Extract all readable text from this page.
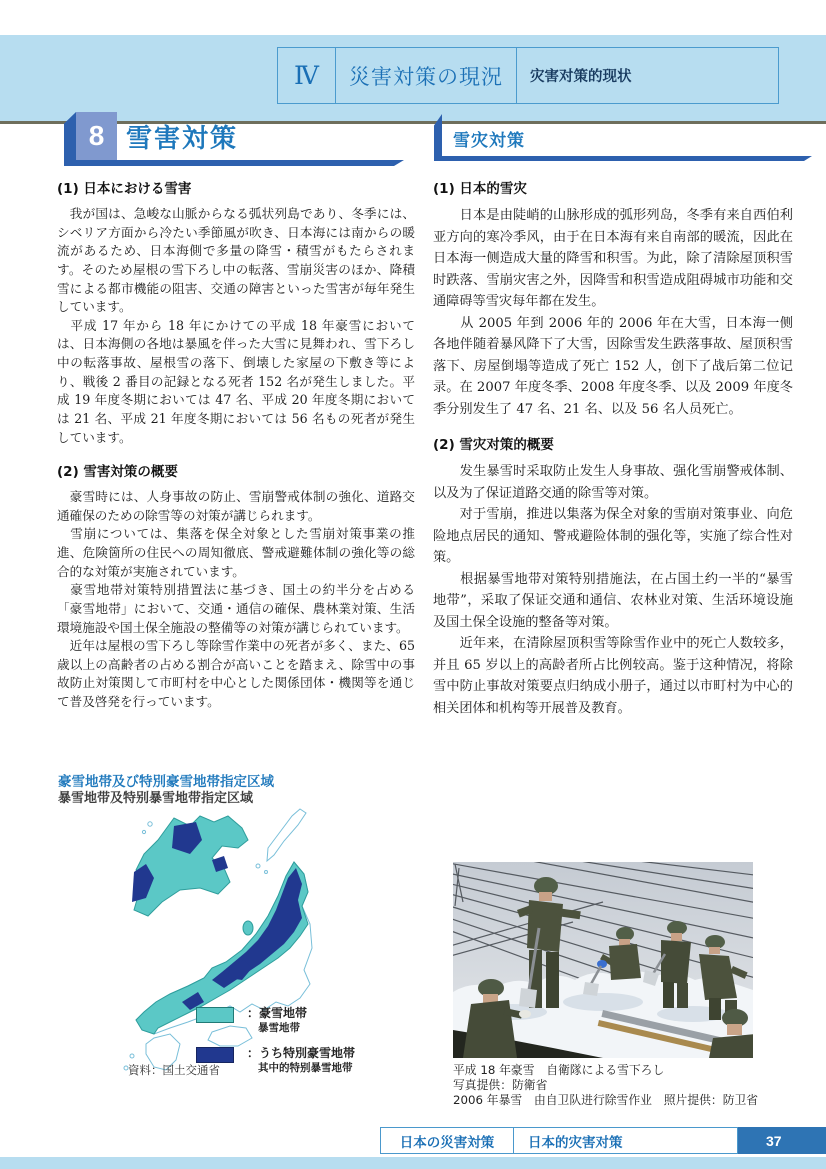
Ⅳ	災害対策の現況	灾害对策的现状
8 雪害対策	雪灾対策
(1) 日本における雪害

　我が国は、急峻な山脈からなる弧状列島であり、冬季には、シベリア方面から冷たい季節風が吹き、日本海には南からの暖流があるため、日本海側で多量の降雪・積雪がもたらされます。そのため屋根の雪下ろし中の転落、雪崩災害のほか、降積雪による都市機能の阻害、交通の障害といった雪害が毎年発生しています。

　平成 17 年から 18 年にかけての平成 18 年豪雪においては、日本海側の各地は暴風を伴った大雪に見舞われ、雪下ろし中の転落事故、屋根雪の落下、倒壊した家屋の下敷き等により、戦後 2 番目の記録となる死者 152 名が発生しました。平成 19 年度冬期においては 47 名、平成 20 年度冬期においては 21 名、平成 21 年度冬期においては 56 名もの死者が発生しています。

(2) 雪害対策の概要

　豪雪時には、人身事故の防止、雪崩警戒体制の強化、道路交通確保のための除雪等の対策が講じられます。

　雪崩については、集落を保全対象とした雪崩対策事業の推進、危険箇所の住民への周知徹底、警戒避難体制の強化等の総合的な対策が実施されています。

　豪雪地帯対策特別措置法に基づき、国土の約半分を占める「豪雪地帯」において、交通・通信の確保、農林業対策、生活環境施設や国土保全施設の整備等の対策が講じられています。

　近年は屋根の雪下ろし等除雪作業中の死者が多く、また、65 歳以上の高齢者の占める割合が高いことを踏まえ、除雪中の事故防止対策関して市町村を中心とした関係団体・機関等を通じて普及啓発を行っています。

(1) 日本的雪灾

　　日本是由陡峭的山脉形成的弧形列岛，冬季有来自西伯利亚方向的寒冷季风，由于在日本海有来自南部的暖流，因此在日本海一侧造成大量的降雪和积雪。为此，除了清除屋顶积雪时跌落、雪崩灾害之外，因降雪和积雪造成阻碍城市功能和交通障碍等雪灾每年都在发生。

　　从 2005 年到 2006 年的 2006 年在大雪，日本海一侧各地伴随着暴风降下了大雪，因除雪发生跌落事故、屋顶积雪落下、房屋倒塌等造成了死亡 152 人，创下了战后第二位记录。在 2007 年度冬季、2008 年度冬季、以及 2009 年度冬季分别发生了 47 名、21 名、以及 56 名人员死亡。

(2) 雪灾对策的概要

　　发生暴雪时采取防止发生人身事故、强化雪崩警戒体制、以及为了保证道路交通的除雪等对策。

　　对于雪崩，推进以集落为保全对象的雪崩对策事业、向危险地点居民的通知、警戒避险体制的强化等，实施了综合性对策。

　　根据暴雪地带对策特别措施法，在占国土约一半的“暴雪地带”，采取了保证交通和通信、农林业对策、生活环境设施及国土保全设施的整备等对策。

　　近年来，在清除屋顶积雪等除雪作业中的死亡人数较多，并且 65 岁以上的高龄者所占比例较高。鉴于这种情况，将除雪中防止事故对策要点归纳成小册子，通过以市町村为中心的相关团体和机构等开展普及教育。

豪雪地帯及び特別豪雪地帯指定区域
暴雪地带及特别暴雪地带指定区域
：豪雪地帯
暴雪地带
：うち特別豪雪地帯
其中的特别暴雪地带
資料：国土交通省	平成 18 年豪雪　自衛隊による雪下ろし
写真提供：防衛省
2006 年暴雪　由自卫队进行除雪作业　照片提供：防卫省
日本の災害対策	日本的灾害对策	37
